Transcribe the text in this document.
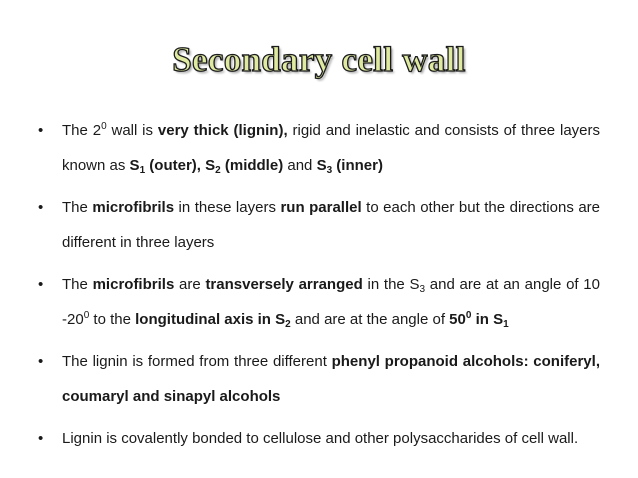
Secondary cell wall
• The $2^0$ wall is very thick (lignin), rigid and inelastic and consists of three layers known as $S_1$ (outer), $S_2$ (middle) and $S_3$ (inner)
• The microfibrils in these layers run parallel to each other but the directions are different in three layers
• The microfibrils are transversely arranged in the $S_3$ and are at an angle of 10 $-20^0$ to the longitudinal axis in $S_2$ and are at the angle of $50^0$ in $S_1$
• The lignin is formed from three different phenyl propanoid alcohols: coniferyl, coumaryl and sinapyl alcohols
• Lignin is covalently bonded to cellulose and other polysaccharides of cell wall.
